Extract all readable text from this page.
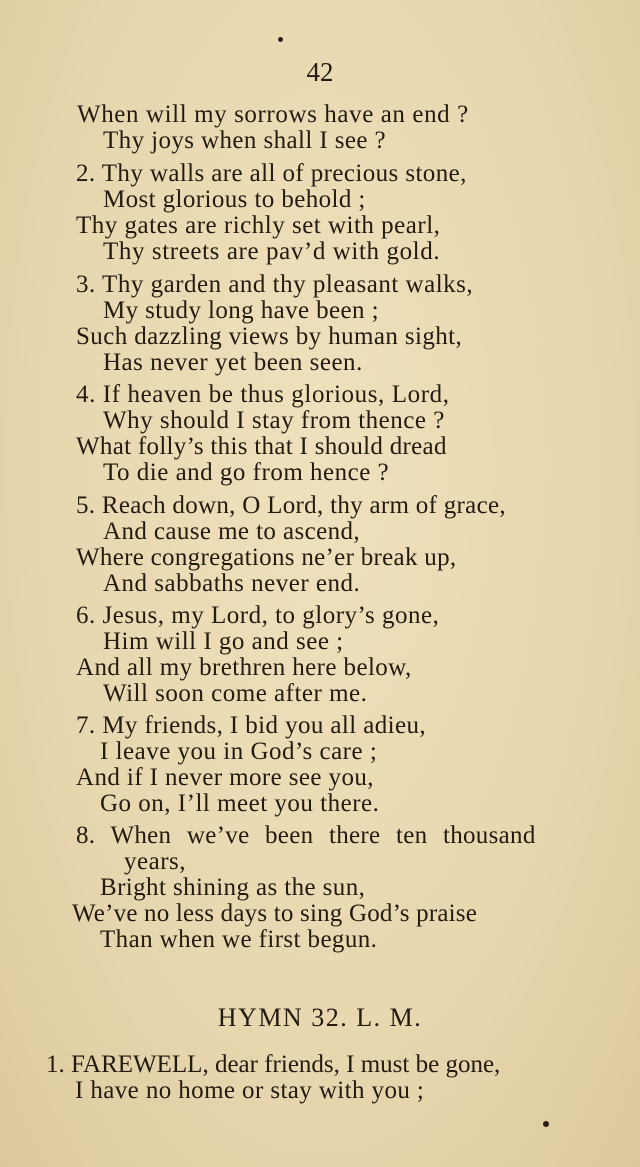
42
When will my sorrows have an end ?
Thy joys when shall I see ?
2. Thy walls are all of precious stone,
Most glorious to behold ;
Thy gates are richly set with pearl,
Thy streets are pav’d with gold.
3. Thy garden and thy pleasant walks,
My study long have been ;
Such dazzling views by human sight,
Has never yet been seen.
4. If heaven be thus glorious, Lord,
Why should I stay from thence ?
What folly’s this that I should dread
To die and go from hence ?
5. Reach down, O Lord, thy arm of grace,
And cause me to ascend,
Where congregations ne’er break up,
And sabbaths never end.
6. Jesus, my Lord, to glory’s gone,
Him will I go and see ;
And all my brethren here below,
Will soon come after me.
7. My friends, I bid you all adieu,
I leave you in God’s care ;
And if I never more see you,
Go on, I’ll meet you there.
8. When we’ve been there ten thousand
years,
Bright shining as the sun,
We’ve no less days to sing God’s praise
Than when we first begun.
HYMN 32. L. M.
1. FAREWELL, dear friends, I must be gone,
I have no home or stay with you ;
